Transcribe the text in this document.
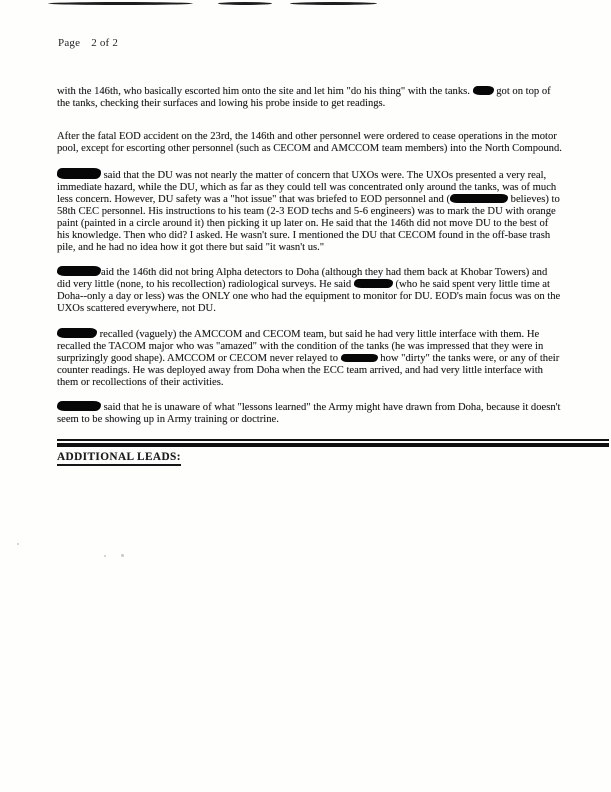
Page 2 of 2

with the 146th, who basically escorted him onto the site and let him "do his thing" with the tanks.  got on top of the tanks, checking their surfaces and lowing his probe inside to get readings.

After the fatal EOD accident on the 23rd, the 146th and other personnel were ordered to cease operations in the motor pool, except for escorting other personnel (such as CECOM and AMCCOM team members) into the North Compound.

said that the DU was not nearly the matter of concern that UXOs were. The UXOs presented a very real, immediate hazard, while the DU, which as far as they could tell was concentrated only around the tanks, was of much less concern. However, DU safety was a "hot issue" that was briefed to EOD personnel and (	believes) to 58th CEC personnel. His instructions to his team (2-3 EOD techs and 5-6 engineers) was to mark the DU with orange paint (painted in a circle around it) then picking it up later on. He said that the 146th did not move DU to the best of his knowledge. Then who did? I asked. He wasn't sure. I mentioned the DU that CECOM found in the off-base trash pile, and he had no idea how it got there but said "it wasn't us."

aid the 146th did not bring Alpha detectors to Doha (although they had them back at Khobar Towers) and did very little (none, to his recollection) radiological surveys. He said	(who he said spent very little time at Doha--only a day or less) was the ONLY one who had the equipment to monitor for DU. EOD's main focus was on the UXOs scattered everywhere, not DU.

recalled (vaguely) the AMCCOM and CECOM team, but said he had very little interface with them. He recalled the TACOM major who was "amazed" with the condition of the tanks (he was impressed that they were in surprizingly good shape). AMCCOM or CECOM never relayed to	how "dirty" the tanks were, or any of their counter readings. He was deployed away from Doha when the ECC team arrived, and had very little interface with them or recollections of their activities.

said that he is unaware of what "lessons learned" the Army might have drawn from Doha, because it doesn't seem to be showing up in Army training or doctrine.

ADDITIONAL LEADS:
